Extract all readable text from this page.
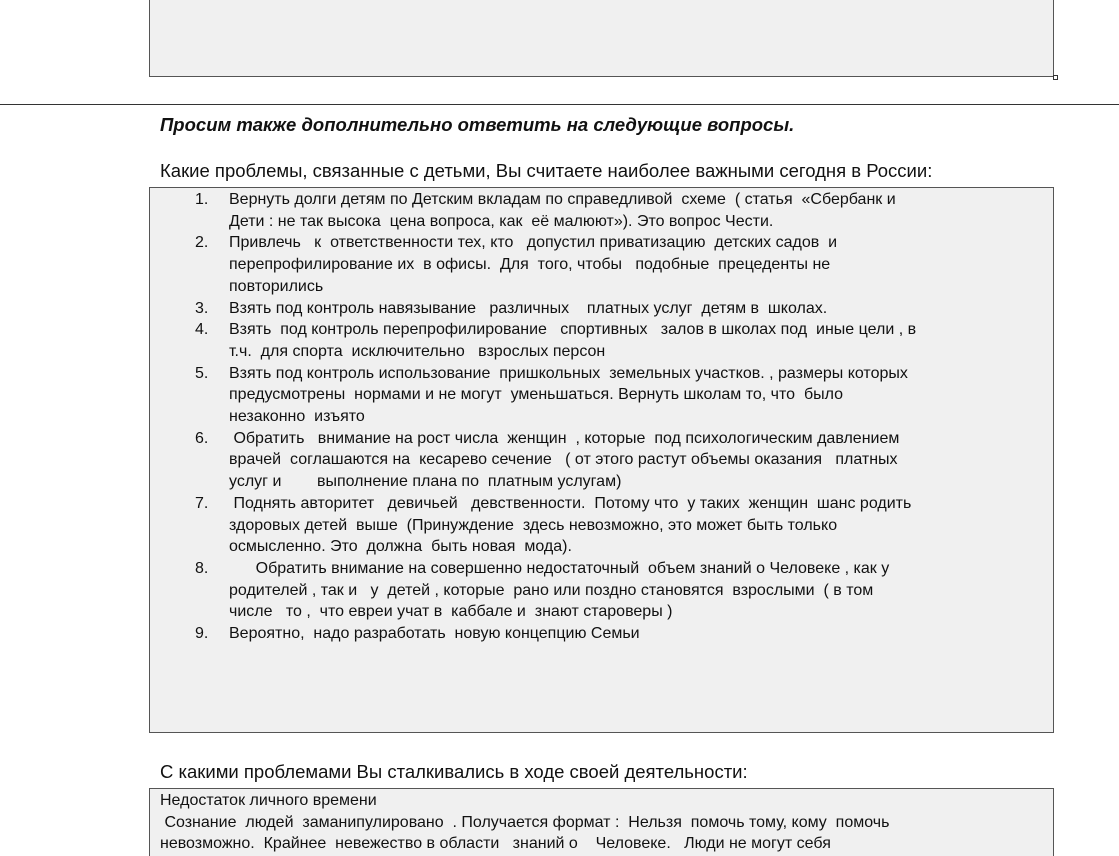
Просим также дополнительно ответить на следующие вопросы.
Какие проблемы, связанные с детьми, Вы считаете наиболее важными сегодня в России:
1. Вернуть долги детям по Детским вкладам по справедливой  схеме  ( статья  «Сбербанк и
Дети : не так высока  цена вопроса, как  её малюют»). Это вопрос Чести.
2. Привлечь   к  ответственности тех, кто   допустил приватизацию  детских садов  и
перепрофилирование их  в офисы.  Для  того, чтобы   подобные  прецеденты не
повторились
3. Взять под контроль навязывание   различных    платных услуг  детям в  школах.
4. Взять  под контроль перепрофилирование   спортивных   залов в школах под  иные цели , в
т.ч.  для спорта  исключительно   взрослых персон
5. Взять под контроль использование  пришкольных  земельных участков. , размеры которых
предусмотрены  нормами и не могут  уменьшаться. Вернуть школам то, что  было
незаконно  изъято
6. Обратить   внимание на рост числа  женщин  , которые  под психологическим давлением
врачей  соглашаются на  кесарево сечение   ( от этого растут объемы оказания   платных
услуг и        выполнение плана по  платным услугам)
7. Поднять авторитет   девичьей   девственности.  Потому что  у таких  женщин  шанс родить
здоровых детей  выше  (Принуждение  здесь невозможно, это может быть только
осмысленно. Это  должна  быть новая  мода).
8. Обратить внимание на совершенно недостаточный  объем знаний о Человеке , как у
родителей , так и   у  детей , которые  рано или поздно становятся  взрослыми  ( в том
числе   то ,  что евреи учат в  каббале и  знают староверы )
9. Вероятно,  надо разработать  новую концепцию Семьи
С какими проблемами Вы сталкивались в ходе своей деятельности:
Недостаток личного времени
Сознание  людей  заманипулировано  . Получается формат :  Нельзя  помочь тому, кому  помочь
невозможно.  Крайнее  невежество в области   знаний о    Человеке.   Люди не могут себя
